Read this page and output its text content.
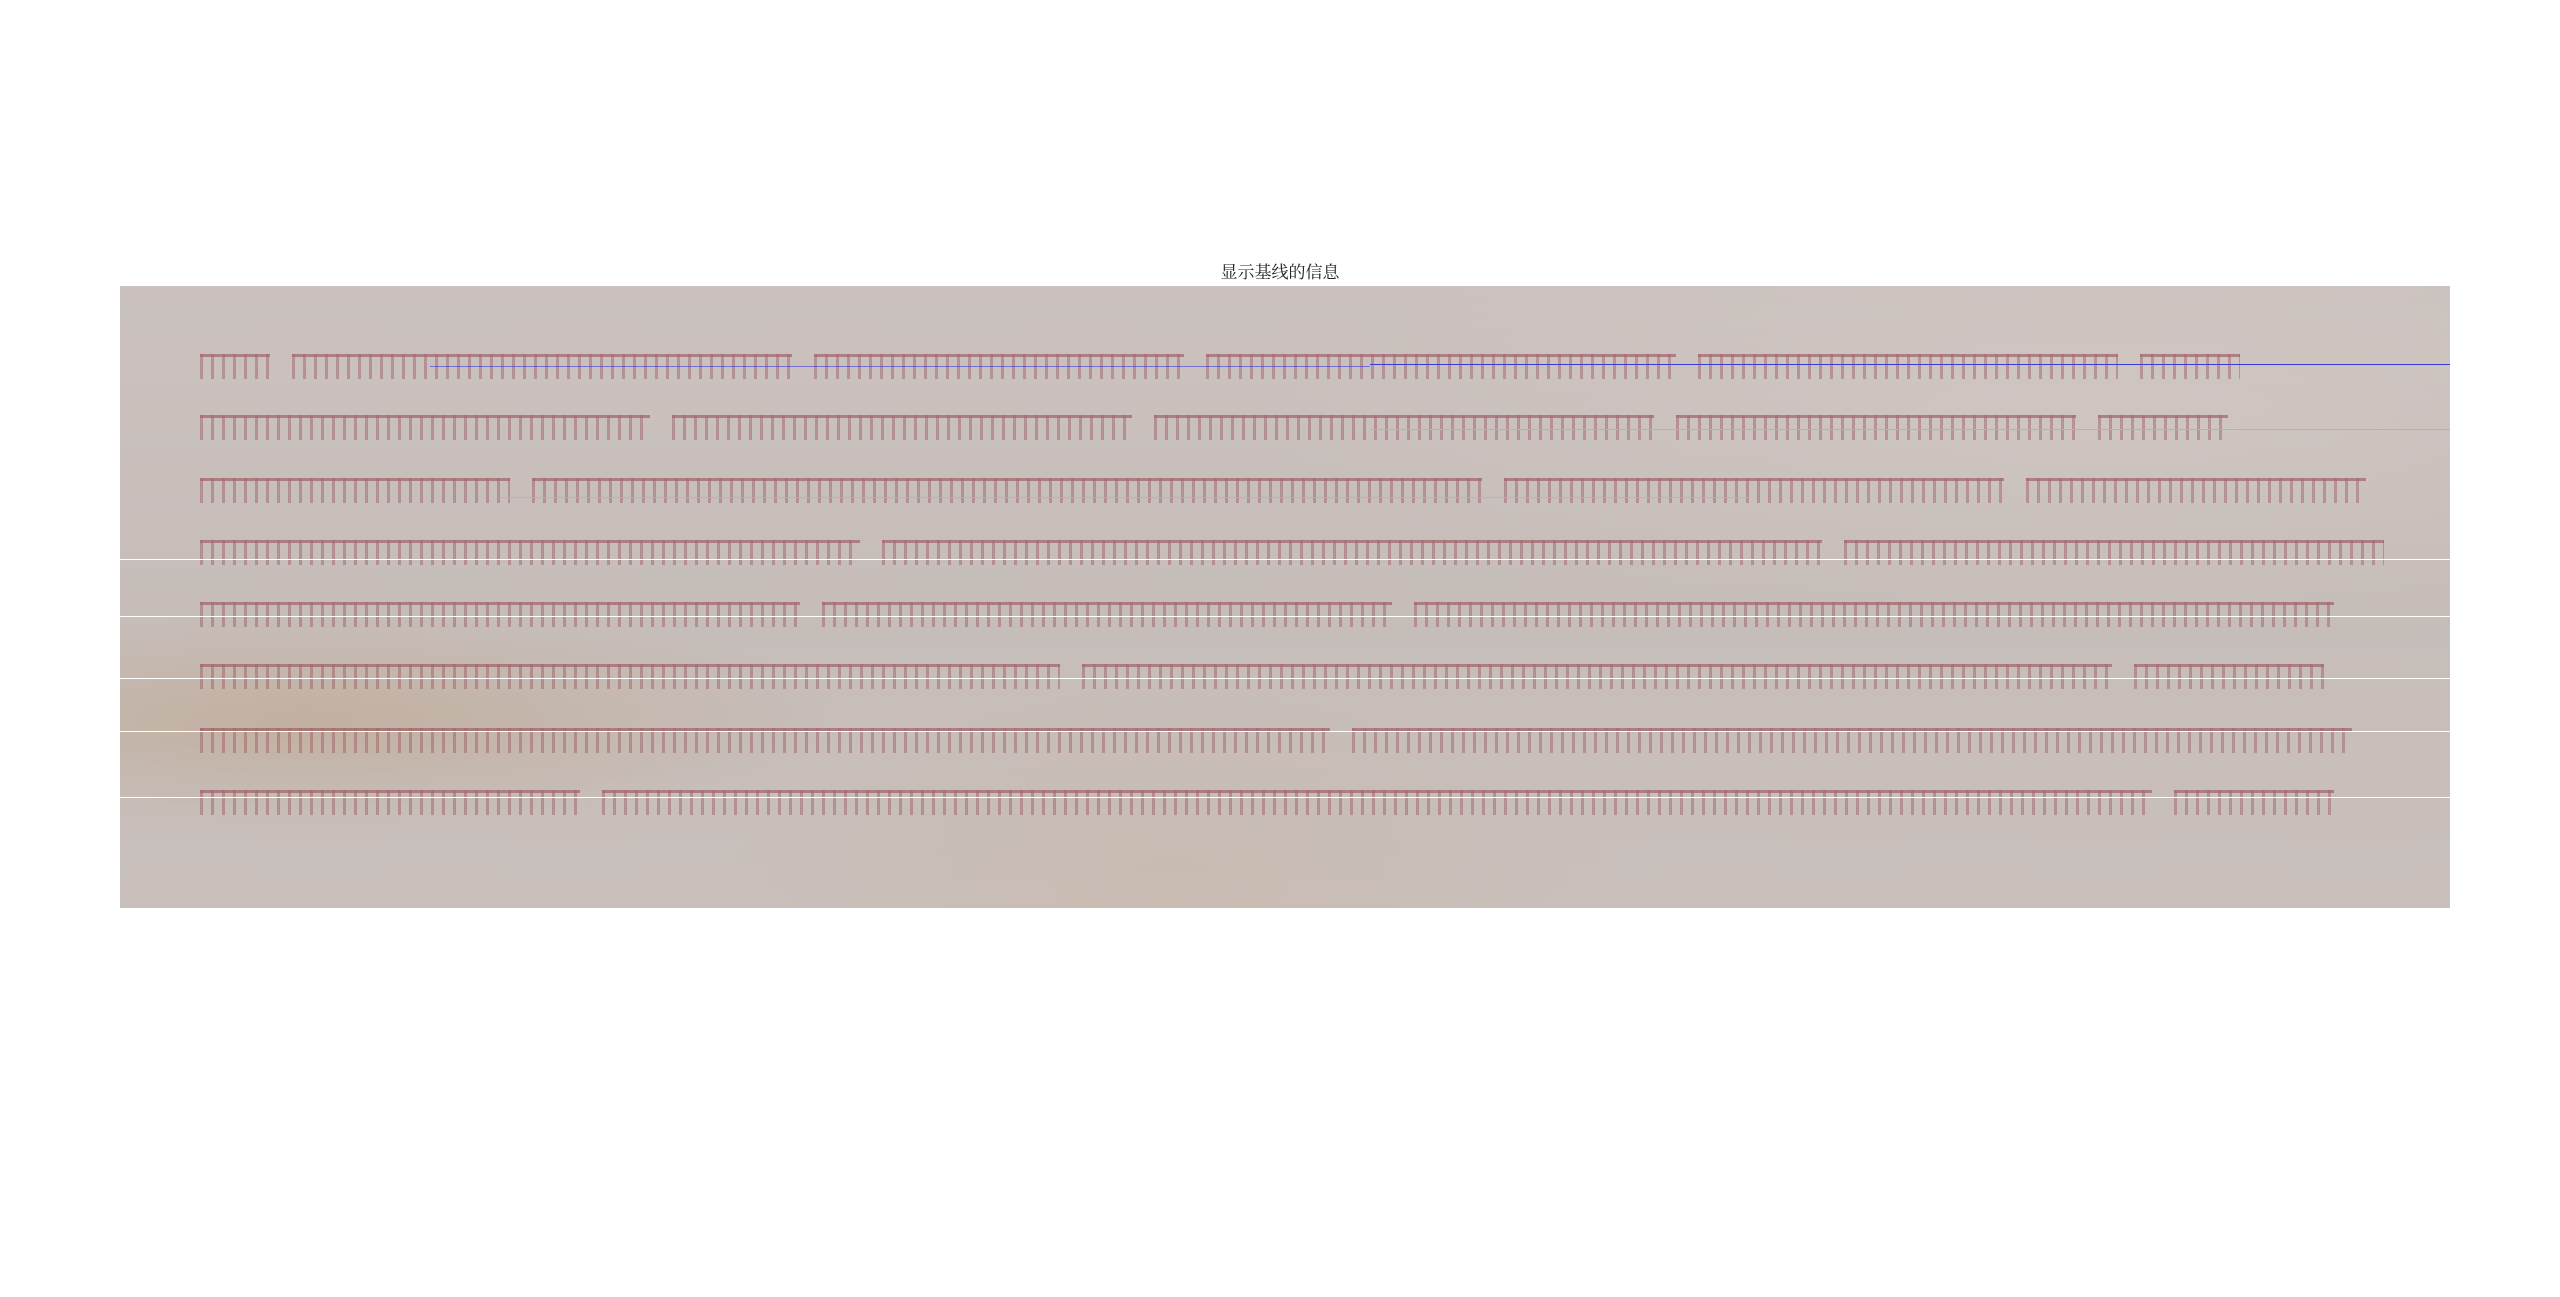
显示基线的信息
